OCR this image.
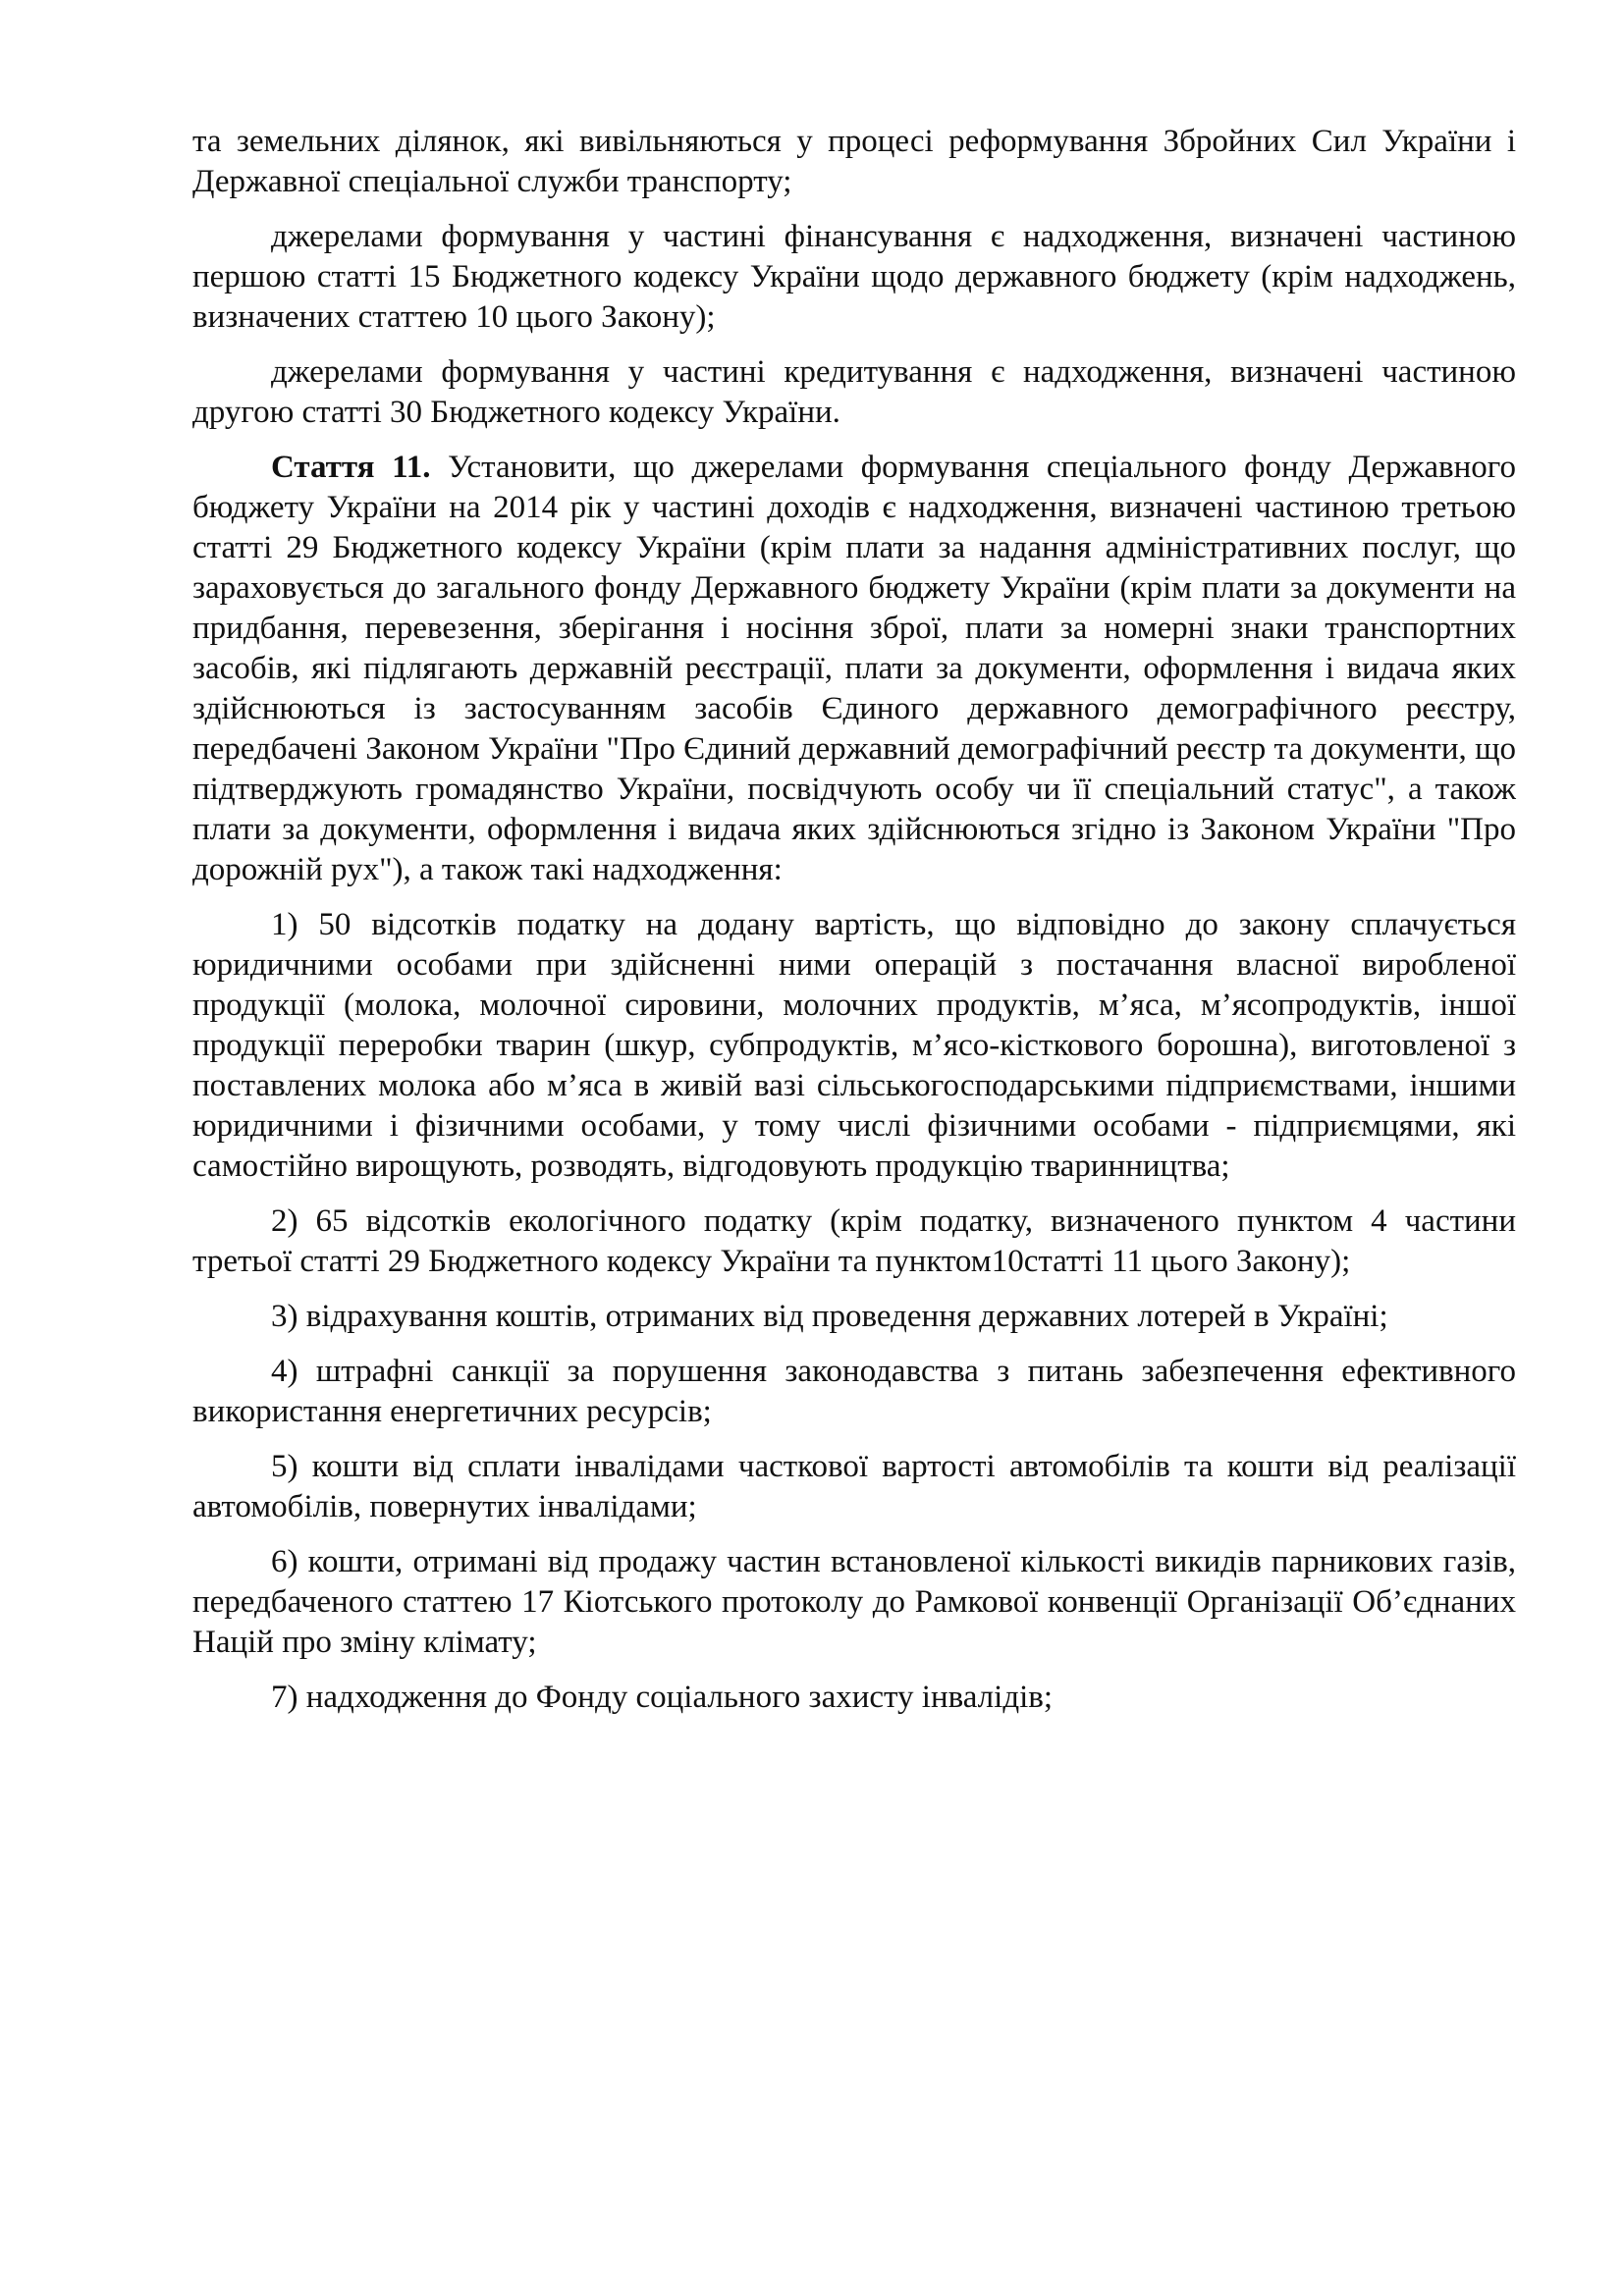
та земельних ділянок, які вивільняються у процесі реформування Збройних Сил України і Державної спеціальної служби транспорту;

джерелами формування у частині фінансування є надходження, визначені частиною першою статті 15 Бюджетного кодексу України щодо державного бюджету (крім надходжень, визначених статтею 10 цього Закону);

джерелами формування у частині кредитування є надходження, визначені частиною другою статті 30 Бюджетного кодексу України.

Стаття 11. Установити, що джерелами формування спеціального фонду Державного бюджету України на 2014 рік у частині доходів є надходження, визначені частиною третьою статті 29 Бюджетного кодексу України (крім плати за надання адміністративних послуг, що зараховується до загального фонду Державного бюджету України (крім плати за документи на придбання, перевезення, зберігання і носіння зброї, плати за номерні знаки транспортних засобів, які підлягають державній реєстрації, плати за документи, оформлення і видача яких здійснюються із застосуванням засобів Єдиного державного демографічного реєстру, передбачені Законом України "Про Єдиний державний демографічний реєстр та документи, що підтверджують громадянство України, посвідчують особу чи її спеціальний статус", а також плати за документи, оформлення і видача яких здійснюються згідно із Законом України "Про дорожній рух"), а також такі надходження:

1) 50 відсотків податку на додану вартість, що відповідно до закону сплачується юридичними особами при здійсненні ними операцій з постачання власної виробленої продукції (молока, молочної сировини, молочних продуктів, м’яса, м’ясопродуктів, іншої продукції переробки тварин (шкур, субпродуктів, м’ясо-кісткового борошна), виготовленої з поставлених молока або м’яса в живій вазі сільськогосподарськими підприємствами, іншими юридичними і фізичними особами, у тому числі фізичними особами - підприємцями, які самостійно вирощують, розводять, відгодовують продукцію тваринництва;

2) 65 відсотків екологічного податку (крім податку, визначеного пунктом 4 частини третьої статті 29 Бюджетного кодексу України та пунктом10статті 11 цього Закону);

3) відрахування коштів, отриманих від проведення державних лотерей в Україні;

4) штрафні санкції за порушення законодавства з питань забезпечення ефективного використання енергетичних ресурсів;

5) кошти від сплати інвалідами часткової вартості автомобілів та кошти від реалізації автомобілів, повернутих інвалідами;

6) кошти, отримані від продажу частин встановленої кількості викидів парникових газів, передбаченого статтею 17 Кіотського протоколу до Рамкової конвенції Організації Об’єднаних Націй про зміну клімату;

7) надходження до Фонду соціального захисту інвалідів;
